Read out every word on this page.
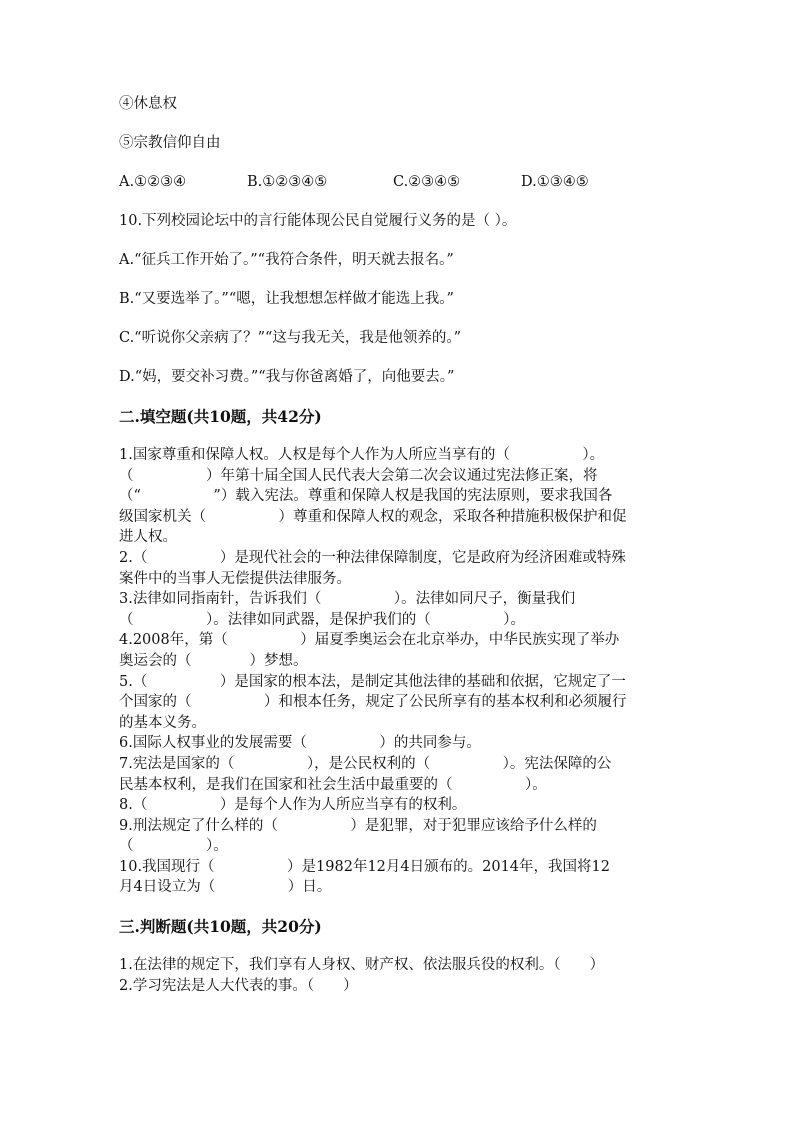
④休息权
⑤宗教信仰自由
A.①②③④	B.①②③④⑤	C.②③④⑤	D.①③④⑤
10.下列校园论坛中的言行能体现公民自觉履行义务的是（ ）。
A.“征兵工作开始了。”“我符合条件，明天就去报名。”
B.“又要选举了。”“嗯，让我想想怎样做才能选上我。”
C.“听说你父亲病了？”“这与我无关，我是他领养的。”
D.“妈，要交补习费。”“我与你爸离婚了，向他要去。”
二.填空题(共10题，共42分)
1.国家尊重和保障人权。人权是每个人作为人所应当享有的（　　　　　）。
（　　　　　）年第十届全国人民代表大会第二次会议通过宪法修正案，将
（“　　　　　”）载入宪法。尊重和保障人权是我国的宪法原则，要求我国各
级国家机关（　　　　　）尊重和保障人权的观念，采取各种措施积极保护和促
进人权。
2.（　　　　　）是现代社会的一种法律保障制度，它是政府为经济困难或特殊
案件中的当事人无偿提供法律服务。
3.法律如同指南针，告诉我们（　　　　　）。法律如同尺子，衡量我们
（　　　　　）。法律如同武器，是保护我们的（　　　　　）。
4.2008年，第（　　　　　）届夏季奥运会在北京举办，中华民族实现了举办
奥运会的（　　　　）梦想。
5.（　　　　　）是国家的根本法，是制定其他法律的基础和依据，它规定了一
个国家的（　　　　　）和根本任务，规定了公民所享有的基本权利和必须履行
的基本义务。
6.国际人权事业的发展需要（　　　　　）的共同参与。
7.宪法是国家的（　　　　　），是公民权利的（　　　　　）。宪法保障的公
民基本权利，是我们在国家和社会生活中最重要的（　　　　　）。
8.（　　　　　）是每个人作为人所应当享有的权利。
9.刑法规定了什么样的（　　　　　）是犯罪，对于犯罪应该给予什么样的
（　　　　　）。
10.我国现行（　　　　　）是1982年12月4日颁布的。2014年，我国将12
月4日设立为（　　　　　）日。
三.判断题(共10题，共20分)
1.在法律的规定下，我们享有人身权、财产权、依法服兵役的权利。（　　）
2.学习宪法是人大代表的事。（　　）
